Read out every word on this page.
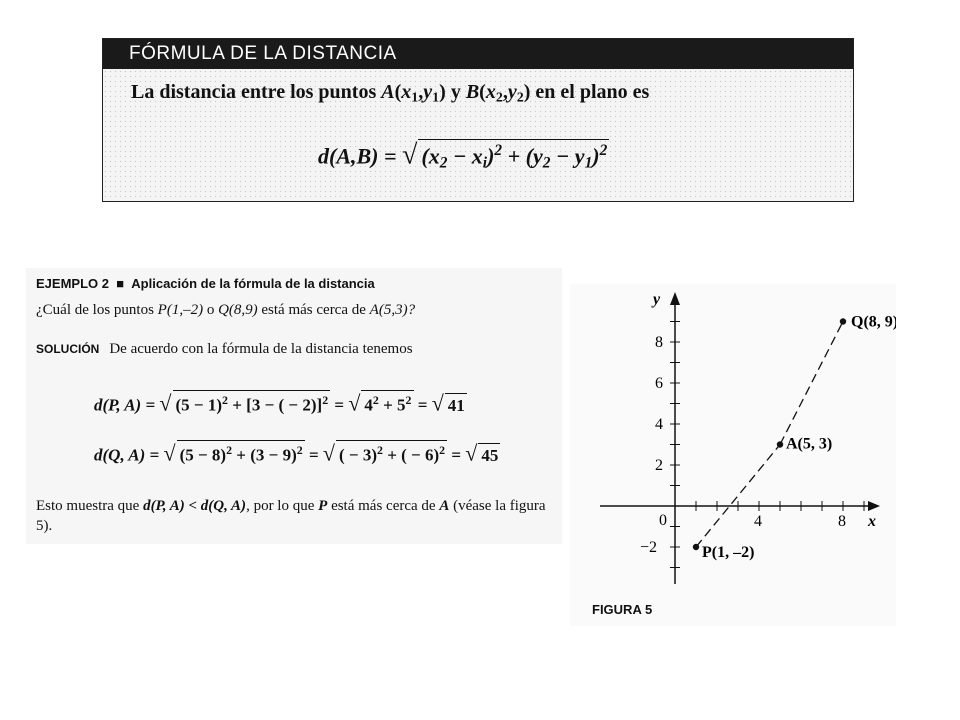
FÓRMULA DE LA DISTANCIA
La distancia entre los puntos $A(x_1,y_1)$ y $B(x_2,y_2)$ en el plano es
d(A,B) = √ $(x_2 - x_i)^2 + (y_2 - y_1)^2$
EJEMPLO 2 ■ Aplicación de la fórmula de la distancia
¿Cuál de los puntos P(1,–2) o Q(8,9) está más cerca de A(5,3)?
SOLUCIÓN De acuerdo con la fórmula de la distancia tenemos
d(P, A) = √ $(5 - 1)^2 + [3$ − ( − 2)]$^2$ = √ $4^2 + 5^2$ = √ 41
d(Q, A) = √ $(5 - 8)^2 + (3 - 9)^2$ = √ ( − 3)$^2$ + ( − 6)$^2$ = √ 45
Esto muestra que d(P, A) < d(Q, A), por lo que P está más cerca de A (véase la figura 5).	x
y
0	4	8
−2
2
4
6
8
P(1, –2)
A(5, 3)
Q(8, 9)
FIGURA 5
